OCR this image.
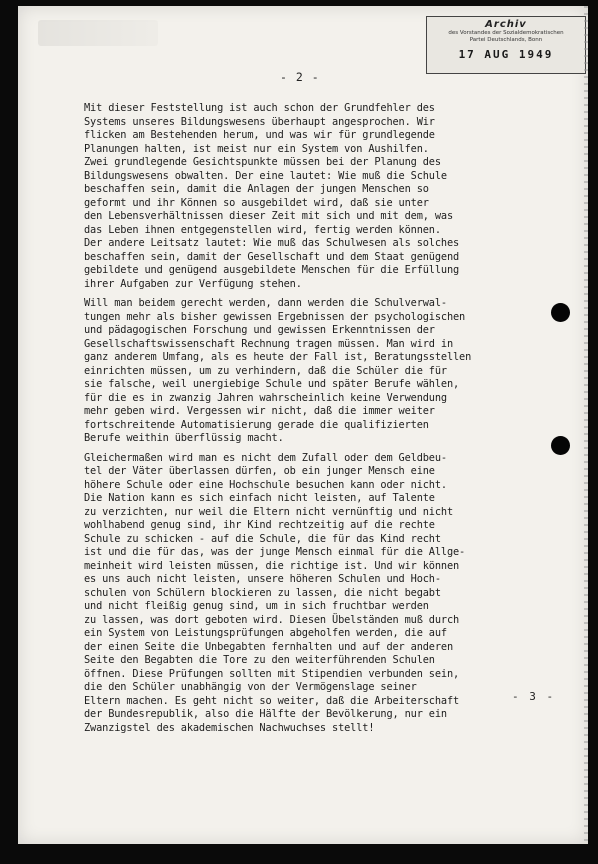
Archiv
des Vorstandes der Sozialdemokratischen
Partei Deutschlands, Bonn
17 AUG 1949
- 2 -
Mit dieser Feststellung ist auch schon der Grundfehler des
Systems unseres Bildungswesens überhaupt angesprochen. Wir
flicken am Bestehenden herum, und was wir für grundlegende
Planungen halten, ist meist nur ein System von Aushilfen.
Zwei grundlegende Gesichtspunkte müssen bei der Planung des
Bildungswesens obwalten. Der eine lautet: Wie muß die Schule
beschaffen sein, damit die Anlagen der jungen Menschen so
geformt und ihr Können so ausgebildet wird, daß sie unter
den Lebensverhältnissen dieser Zeit mit sich und mit dem, was
das Leben ihnen entgegenstellen wird, fertig werden können.
Der andere Leitsatz lautet: Wie muß das Schulwesen als solches
beschaffen sein, damit der Gesellschaft und dem Staat genügend
gebildete und genügend ausgebildete Menschen für die Erfüllung
ihrer Aufgaben zur Verfügung stehen.
Will man beidem gerecht werden, dann werden die Schulverwal-
tungen mehr als bisher gewissen Ergebnissen der psychologischen
und pädagogischen Forschung und gewissen Erkenntnissen der
Gesellschaftswissenschaft Rechnung tragen müssen. Man wird in
ganz anderem Umfang, als es heute der Fall ist, Beratungsstellen
einrichten müssen, um zu verhindern, daß die Schüler die für
sie falsche, weil unergiebige Schule und später Berufe wählen,
für die es in zwanzig Jahren wahrscheinlich keine Verwendung
mehr geben wird. Vergessen wir nicht, daß die immer weiter
fortschreitende Automatisierung gerade die qualifizierten
Berufe weithin überflüssig macht.
Gleichermaßen wird man es nicht dem Zufall oder dem Geldbeu-
tel der Väter überlassen dürfen, ob ein junger Mensch eine
höhere Schule oder eine Hochschule besuchen kann oder nicht.
Die Nation kann es sich einfach nicht leisten, auf Talente
zu verzichten, nur weil die Eltern nicht vernünftig und nicht
wohlhabend genug sind, ihr Kind rechtzeitig auf die rechte
Schule zu schicken - auf die Schule, die für das Kind recht
ist und die für das, was der junge Mensch einmal für die Allge-
meinheit wird leisten müssen, die richtige ist. Und wir können
es uns auch nicht leisten, unsere höheren Schulen und Hoch-
schulen von Schülern blockieren zu lassen, die nicht begabt
und nicht fleißig genug sind, um in sich fruchtbar werden
zu lassen, was dort geboten wird. Diesen Übelständen muß durch
ein System von Leistungsprüfungen abgeholfen werden, die auf
der einen Seite die Unbegabten fernhalten und auf der anderen
Seite den Begabten die Tore zu den weiterführenden Schulen
öffnen. Diese Prüfungen sollten mit Stipendien verbunden sein,
die den Schüler unabhängig von der Vermögenslage seiner
Eltern machen. Es geht nicht so weiter, daß die Arbeiterschaft
der Bundesrepublik, also die Hälfte der Bevölkerung, nur ein
Zwanzigstel des akademischen Nachwuchses stellt!
- 3 -
